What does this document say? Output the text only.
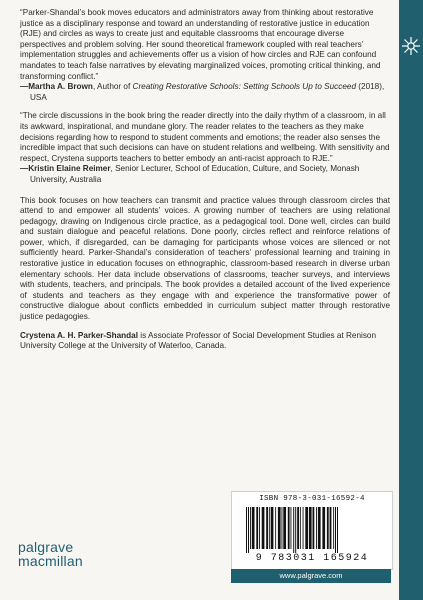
“Parker-Shandal’s book moves educators and administrators away from thinking about restorative justice as a disciplinary response and toward an understanding of restorative justice in education (RJE) and circles as ways to create just and equitable classrooms that encourage diverse perspectives and problem solving. Her sound theoretical framework coupled with real teachers’ implementation struggles and achievements offer us a vision of how circles and RJE can confound mandates to teach false narratives by elevating marginalized voices, promoting critical thinking, and transforming conflict.”

—Martha A. Brown, Author of Creating Restorative Schools: Setting Schools Up to Succeed (2018), USA

“The circle discussions in the book bring the reader directly into the daily rhythm of a classroom, in all its awkward, inspirational, and mundane glory. The reader relates to the teachers as they make decisions regarding how to respond to student comments and emotions; the reader also senses the incredible impact that such decisions can have on student relations and wellbeing. With sensitivity and respect, Crystena supports teachers to better embody an anti-racist approach to RJE.”

—Kristin Elaine Reimer, Senior Lecturer, School of Education, Culture, and Society, Monash University, Australia

This book focuses on how teachers can transmit and practice values through classroom circles that attend to and empower all students’ voices. A growing number of teachers are using relational pedagogy, drawing on Indigenous circle practice, as a pedagogical tool. Done well, circles can build and sustain dialogue and peaceful relations. Done poorly, circles reflect and reinforce relations of power, which, if disregarded, can be damaging for participants whose voices are silenced or not sufficiently heard. Parker-Shandal’s consideration of teachers’ professional learning and training in restorative justice in education focuses on ethnographic, classroom-based research in diverse urban elementary schools. Her data include observations of classrooms, teacher surveys, and interviews with students, teachers, and principals. The book provides a detailed account of the lived experience of students and teachers as they engage with and experience the transformative power of constructive dialogue about conflicts embedded in curriculum subject matter through restorative justice pedagogies.

Crystena A. H. Parker-Shandal is Associate Professor of Social Development Studies at Renison University College at the University of Waterloo, Canada.

ISBN 978-3-031-16592-4
9 783031 165924
www.palgrave.com
palgrave
macmillan
